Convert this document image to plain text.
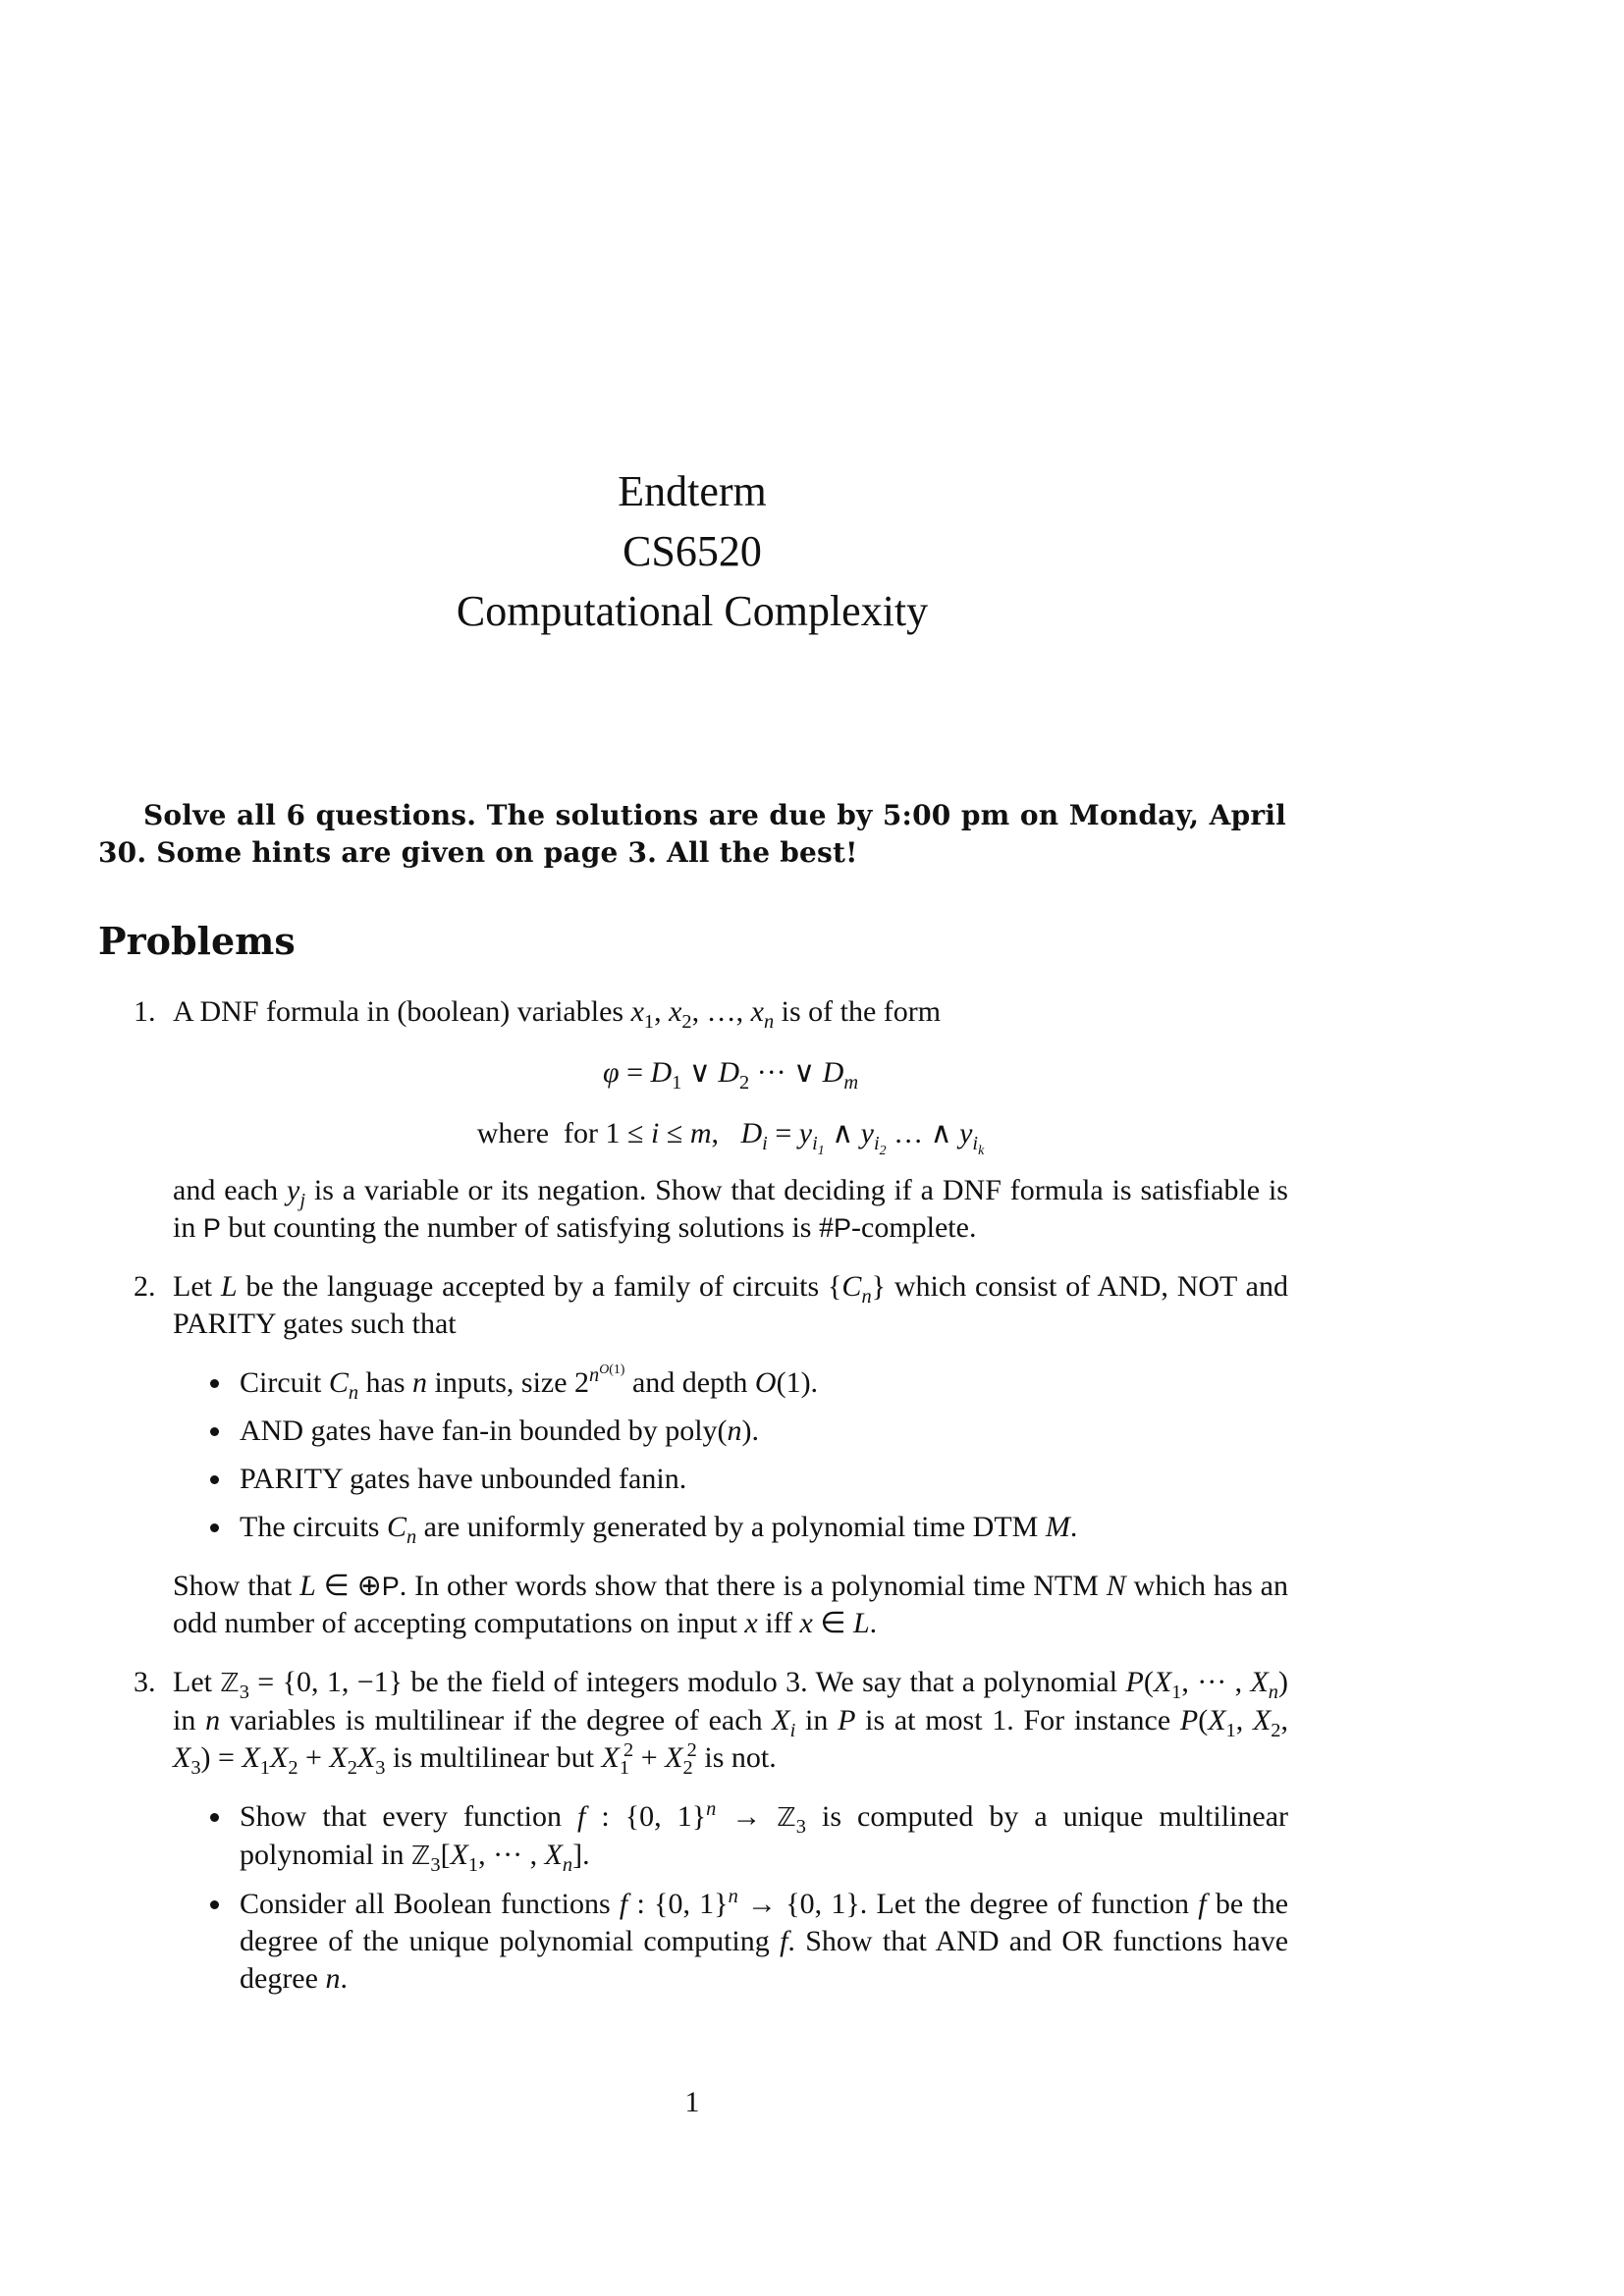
Endterm
CS6520
Computational Complexity
Solve all 6 questions. The solutions are due by 5:00 pm on Monday, April 30. Some hints are given on page 3. All the best!
Problems
1. A DNF formula in (boolean) variables $x_1$, $x_2$, …, $x_n$ is of the form
$\varphi = D_1$ ∨ $D_2$ ··· ∨ $D_m$
where  for 1 ≤ i ≤ m,   $D_i = y_{i_1}$ ∧ $y_{i_2}$ … ∧ $y_{i_k}$
and each $y_j$ is a variable or its negation. Show that deciding if a DNF formula is satisfiable is in P but counting the number of satisfying solutions is #P-complete.
2. Let L be the language accepted by a family of circuits $\{C_n\}$ which consist of AND, NOT and PARITY gates such that
Circuit $C_n$ has n inputs, size $2^{n^{O(1)}}$ and depth O(1).
AND gates have fan-in bounded by poly(n).
PARITY gates have unbounded fanin.
The circuits $C_n$ are uniformly generated by a polynomial time DTM M.
Show that L ∈ ⊕P. In other words show that there is a polynomial time NTM N which has an odd number of accepting computations on input x iff x ∈ L.
3. Let ℤ$_3$ = {0, 1, −1} be the field of integers modulo 3. We say that a polynomial $P(X_1$, ··· , $X_n$) in n variables is multilinear if the degree of each $X_i$ in P is at most 1. For instance $P(X_1$, $X_2$, $X_3) = X_1X_2 + X_2X_3$ is multilinear but $X_1^2 + X_2^2$ is not.
Show that every function f : {0, 1}$^n$ → ℤ$_3$ is computed by a unique multilinear polynomial in $ℤ_3[X_1$, ··· , $X_n$].
Consider all Boolean functions f : {0, 1}$^n$ → {0, 1}. Let the degree of function f be the degree of the unique polynomial computing f. Show that AND and OR functions have degree n.
1
